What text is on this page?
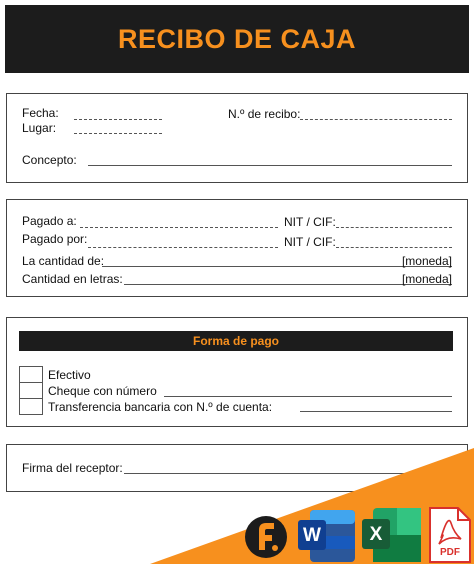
RECIBO DE CAJA
Fecha:
Lugar:
N.º de recibo:
Concepto:
Pagado a:	NIT / CIF:
Pagado por:	NIT / CIF:
La cantidad de:	[moneda]
Cantidad en letras:	[moneda]
Forma de pago
Efectivo
Cheque con número
Transferencia bancaria con N.º de cuenta:
Firma del receptor:
W	X
PDF
